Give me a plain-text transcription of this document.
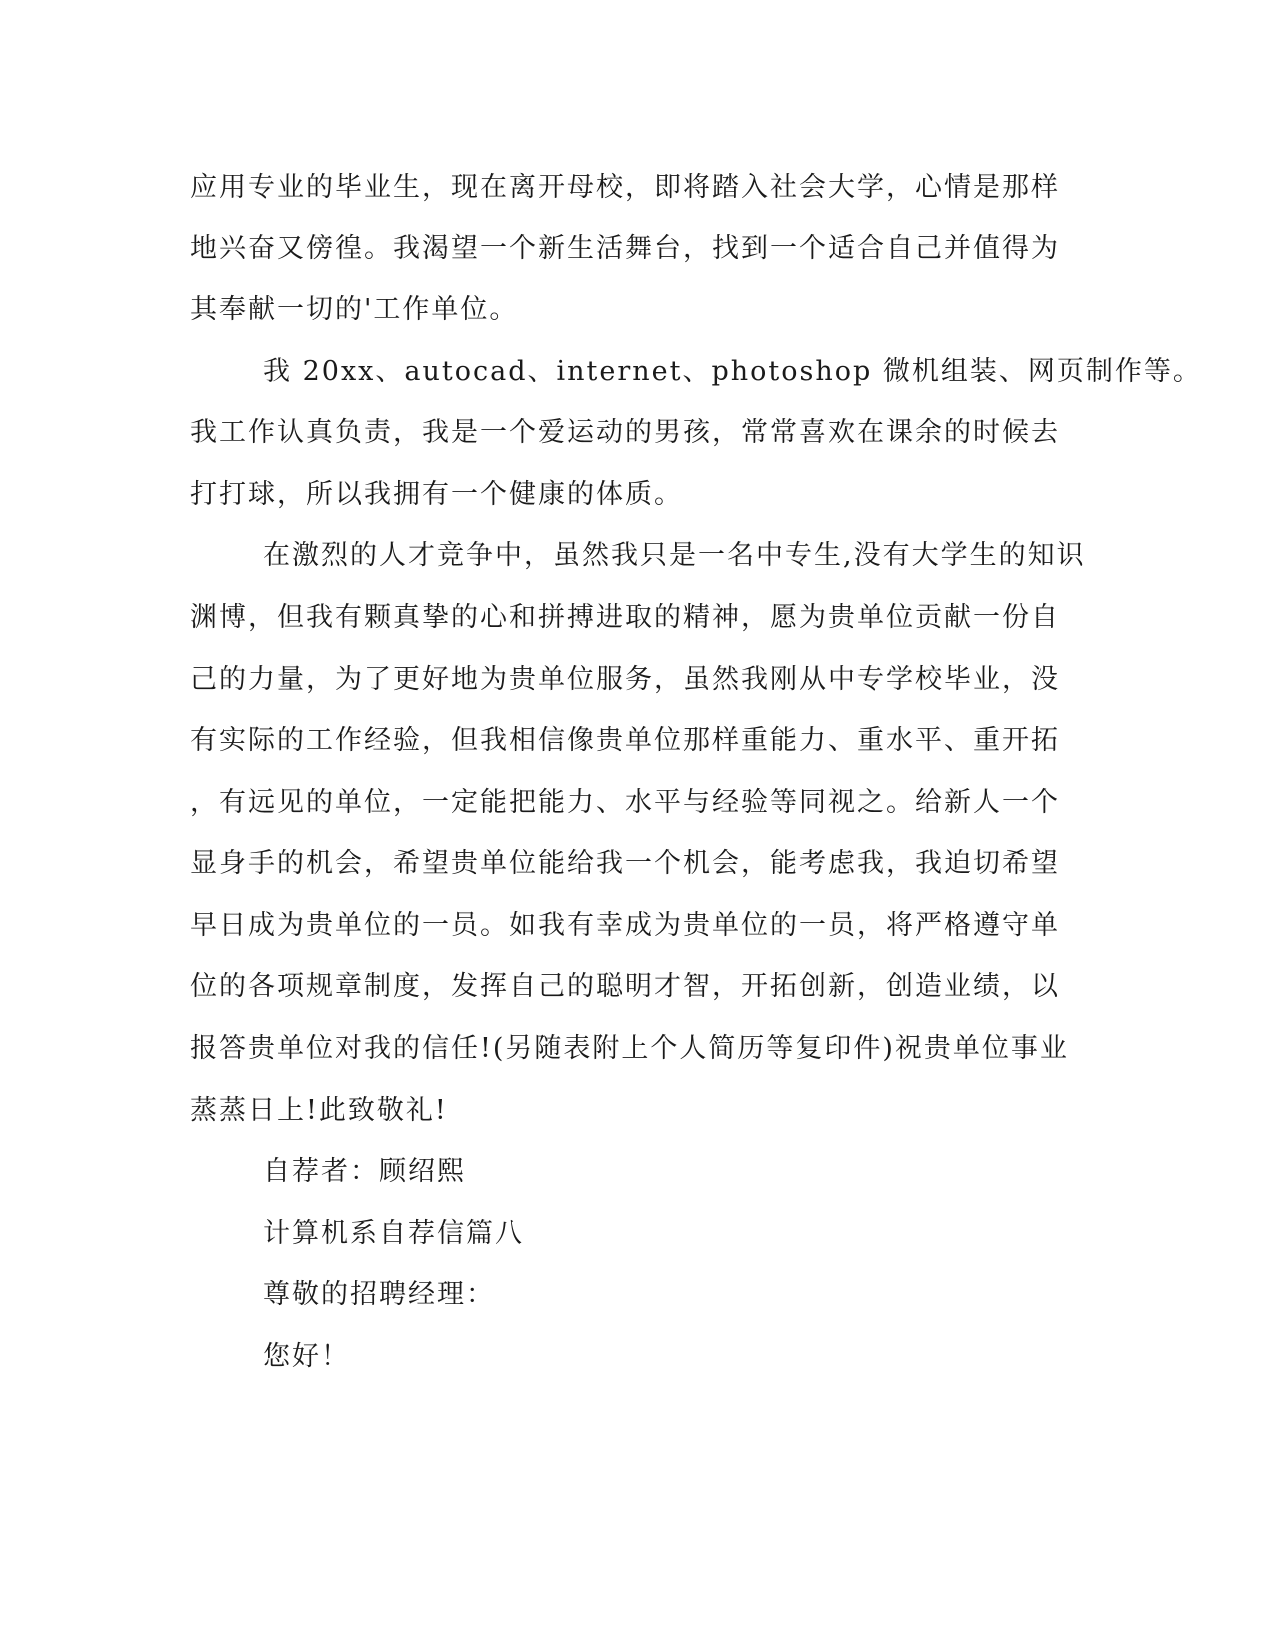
应用专业的毕业生，现在离开母校，即将踏入社会大学，心情是那样
地兴奋又傍徨。我渴望一个新生活舞台，找到一个适合自己并值得为
其奉献一切的'工作单位。
我 20xx、autocad、internet、photoshop 微机组装、网页制作等。
我工作认真负责，我是一个爱运动的男孩，常常喜欢在课余的时候去
打打球，所以我拥有一个健康的体质。
在激烈的人才竞争中，虽然我只是一名中专生,没有大学生的知识
渊博，但我有颗真挚的心和拼搏进取的精神，愿为贵单位贡献一份自
己的力量，为了更好地为贵单位服务，虽然我刚从中专学校毕业，没
有实际的工作经验，但我相信像贵单位那样重能力、重水平、重开拓
，有远见的单位，一定能把能力、水平与经验等同视之。给新人一个
显身手的机会，希望贵单位能给我一个机会，能考虑我，我迫切希望
早日成为贵单位的一员。如我有幸成为贵单位的一员，将严格遵守单
位的各项规章制度，发挥自己的聪明才智，开拓创新，创造业绩，以
报答贵单位对我的信任!(另随表附上个人简历等复印件)祝贵单位事业
蒸蒸日上!此致敬礼!
自荐者：顾绍熙
计算机系自荐信篇八
尊敬的招聘经理：
您好！
